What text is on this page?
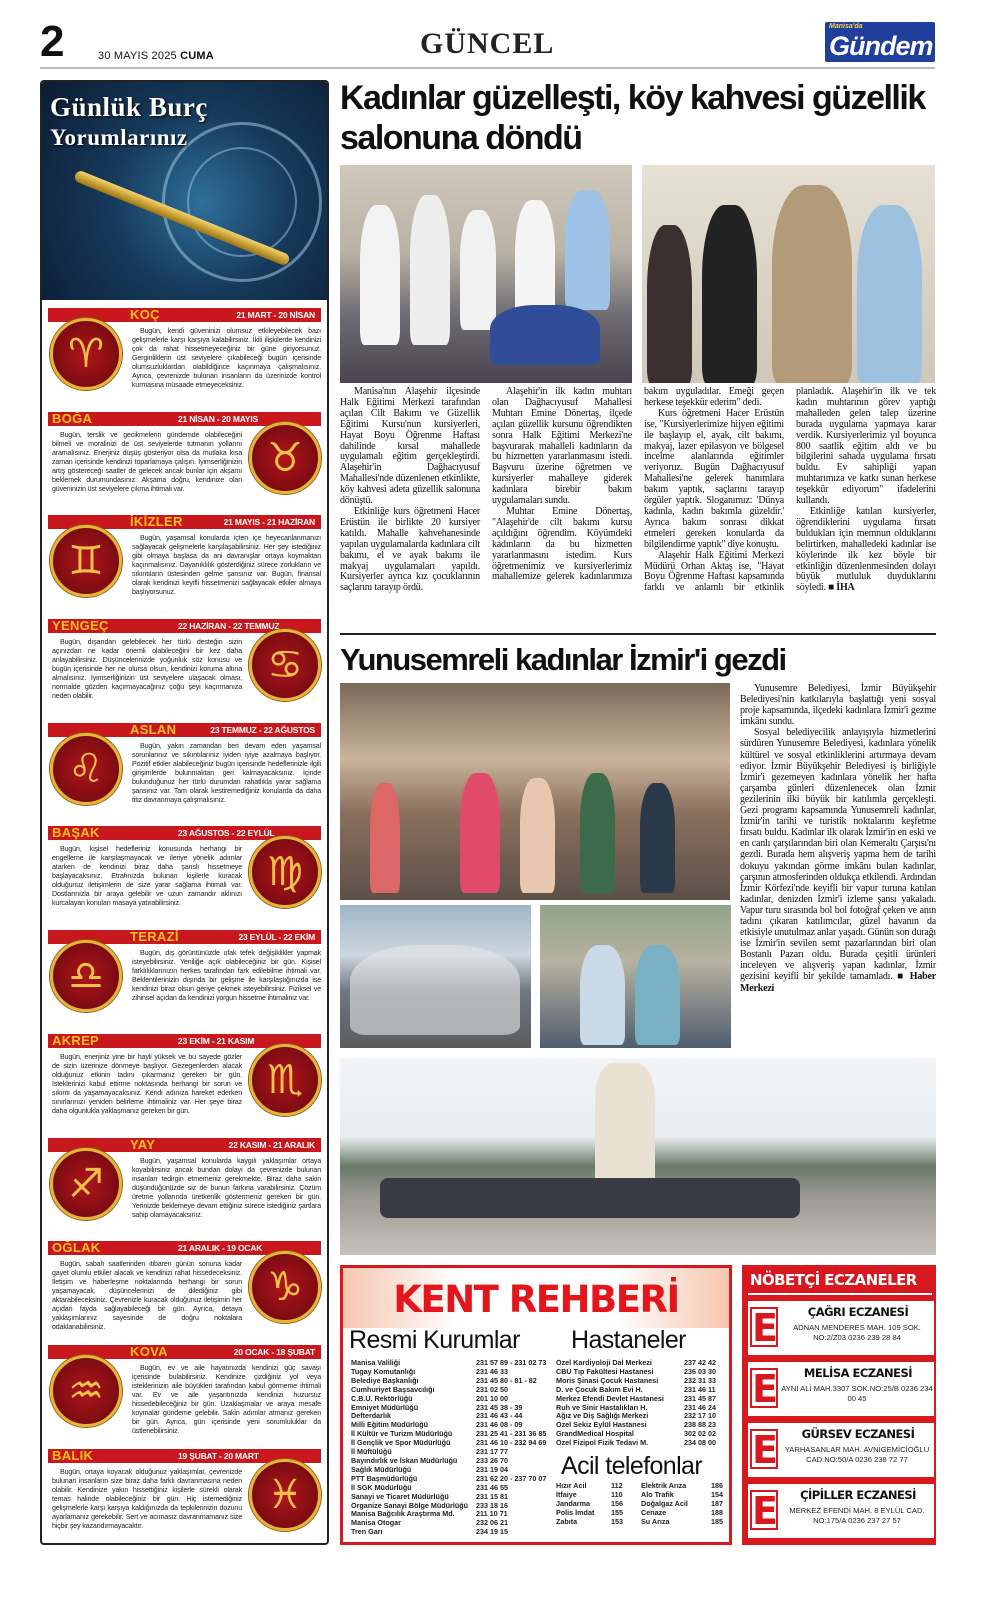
2	30 MAYIS 2025 CUMA	GÜNCEL
Manisa'da
Gündem
Günlük Burç
Yorumlarınız
KOÇ	21 MART - 20 NİSAN
♈	Bugün, kendi güveninizi olumsuz etkileyebilecek bazı gelişmelerle karşı karşıya kalabilirsiniz. İkili ilişkilerde kendinizi çok da rahat hissetmeyeceğiniz bir güne giriyorsunuz. Gerginliklerin üst seviyelere çıkabileceği bugün içerisinde olumsuzluklardan olabildiğince kaçınmaya çalışmalısınız. Ayrıca, çevrenizde bulunan insanların da üzerinizde kontrol kurmasına müsaade etmeyeceksiniz.
BOĞA	21 NİSAN - 20 MAYIS
♉
Bugün, terslik ve gecikmelerin gündemde olabileceğini bilmeli ve moralinizi de üst seviyelerde tutmanın yollarını aramalısınız. Enerjiniz düşüş gösteriyor olsa da mutlaka kısa zaman içerisinde kendinizi toparlamaya çalışın. İyimserliğinizin artış göstereceği saatler de gelecek ancak bunlar için akşamı beklemek durumundasınız. Akşama doğru, kendinize olan güveninizin üst seviyelere çıkma ihtimali var.
İKİZLER	21 MAYIS - 21 HAZİRAN
♊	Bugün, yaşamsal konularda içten içe heyecanlanmanızı sağlayacak gelişmelerle karşılaşabilirsiniz. Her şey istediğiniz gibi olmaya başlasa da ani davranışlar ortaya koymaktan kaçınmalısınız. Dayanıklılık gösterdiğiniz sürece zorlukların ve sıkıntıların üstesinden gelme şansınız var. Bugün, finansal olarak kendinizi keyifli hissetmenizi sağlayacak etkiler almaya başlıyorsunuz.
YENGEÇ	22 HAZİRAN - 22 TEMMUZ
♋
Bugün, dışarıdan gelebilecek her türlü desteğin sizin açınızdan ne kadar önemli olabileceğini bir kez daha anlayabilirsiniz. Düşüncelerinizde yoğunluk söz konusu ve bugün içerisinde her ne olursa olsun, kendinizi koruma altına almalısınız. İyimserliğinizin üst seviyelere ulaşacak olması, normalde gözden kaçırmayacağınız çoğu şeyi kaçırmanıza neden olabilir.
ASLAN	23 TEMMUZ - 22 AĞUSTOS
♌	Bugün, yakın zamandan beri devam eden yaşamsal sorunlarınız ve sıkıntılarınız iyiden iyiye azalmaya başlıyor. Pozitif etkiler alabileceğiniz bugün içerisinde hedeflerinizle ilgili girişimlerde bulunmaktan geri kalmayacaksınız. İçinde bulunduğunuz her türlü durumdan rahatlıkla yarar sağlama şansınız var. Tam olarak kestiremediğiniz konularda da daha titiz davranmaya çalışmalısınız.
BAŞAK	23 AĞUSTOS - 22 EYLÜL
♍
Bugün, kişisel hedefleriniz konusunda herhangi bir engelleme ile karşılaşmayacak ve ileriye yönelik adımlar atarken de kendinizi biraz daha şanslı hissetmeye başlayacaksınız. Etrafınızda bulunan kişilerle kuracak olduğunuz iletişimlerin de size yarar sağlama ihtimali var. Dostlarınızla bir araya gelebilir ve uzun zamandır aklınızı kurcalayan konuları masaya yatırabilirsiniz.
TERAZİ	23 EYLÜL - 22 EKİM
♎	Bugün, dış görüntünüzde ufak tefek değişiklikler yapmak isteyebilirsiniz. Yeniliğe açık olabileceğiniz bir gün. Kişisel farklılıklarınızın herkes tarafından fark edilebilme ihtimali var. Beklentilerinizin dışında bir gelişme ile karşılaştığınızda ise kendinizi biraz olsun geriye çekmek isteyebilirsiniz. Fiziksel ve zihinsel açıdan da kendinizi yorgun hissetme ihtimaliniz var.
AKREP	23 EKİM - 21 KASIM
♏
Bugün, enerjiniz yine bir hayli yüksek ve bu sayede gözler de sizin üzerinize dönmeye başlıyor. Gezegenlerden alacak olduğunuz etkinin tadını çıkarmanız gereken bir gün. İsteklerinizi kabul ettirme noktasında herhangi bir sorun ve sıkıntı da yaşamayacaksınız. Kendi adınıza hareket ederken sınırlarınızı yeniden belirleme ihtimaliniz var. Her şeye biraz daha olgunlukla yaklaşmanız gereken bir gün.
YAY	22 KASIM - 21 ARALIK
♐	Bugün, yaşamsal konularda kaygılı yaklaşımlar ortaya koyabilirsiniz ancak bundan dolayı da çevrenizde bulunan insanları tedirgin etmemeniz gerekmekte. Biraz daha sakin düşündüğünüzde siz de bunun farkına varabilirsiniz. Çözüm üretme yollarında üretkenlik göstermeniz gereken bir gün. Yerinizde beklemeye devam ettiğiniz sürece istediğiniz şartlara sahip olamayacaksınız.
OĞLAK	21 ARALIK - 19 OCAK
♑
Bugün, sabah saatlerinden itibaren günün sonuna kadar gayet olumlu etkiler alacak ve kendinizi rahat hissedeceksiniz. İletişim ve haberleşme noktalarında herhangi bir sorun yaşamayacak, düşüncelerinizi de dilediğiniz gibi aktarabileceksiniz. Çevrenizle kuracak olduğunuz iletişimin her açıdan fayda sağlayabileceği bir gün. Ayrıca, detaya yaklaşımlarınız sayesinde de doğru noktalara odaklanabilirsiniz.
KOVA	20 OCAK - 18 ŞUBAT
♒	Bugün, ev ve aile hayatınızda kendinizi güç savaşı içerisinde bulabilirsiniz. Kendinize çizdiğiniz yol veya isteklerinizin aile büyükleri tarafından kabul görmeme ihtimali var. Ev ve aile yaşantınızda kendinizi huzursuz hissedebileceğiniz bir gün. Uzaklaşmalar ve araya mesafe koymalar gündeme gelebilir. Sakin adımlar atmanız gereken bir gün. Ayrıca, gün içerisinde yeni sorumluluklar da üstlenebilirsiniz.
BALIK	19 ŞUBAT - 20 MART
♓
Bugün, ortaya koyacak olduğunuz yaklaşımlar, çevrenizde bulunan insanların size biraz daha farklı davranmasına neden olabilir. Kendinize yakın hissettiğiniz kişilerle sürekli olarak temas halinde olabileceğiniz bir gün. Hiç istemediğiniz gelişmelerle karşı karşıya kaldığınızda da tepkilerinizin dozunu ayarlamanız gerekebilir. Sert ve acımasız davranmamanız size hiçbir şey kazandırmayacaktır.
Kadınlar güzelleşti, köy kahvesi güzellik salonuna döndü

Manisa'nın Alaşehir ilçesinde Halk Eğitimi Merkezi tarafından açılan Cilt Bakımı ve Güzellik Eğitimi Kursu'nun kursiyerleri, Hayat Boyu Öğrenme Haftası dahilinde kırsal mahallede uygulamalı eğitim gerçekleştirdi. Alaşehir'in Dağhacıyusuf Mahallesi'nde düzenlenen etkinlikte, köy kahvesi adeta güzellik salonuna dönüştü.

Etkinliğe kurs öğretmeni Hacer Erüstün ile birlikte 20 kursiyer katıldı. Mahalle kahvehanesinde yapılan uygulamalarda kadınlara cilt bakımı, el ve ayak bakımı ile makyaj uygulamaları yapıldı. Kursiyerler ayrıca kız çocuklarının saçlarını tarayıp ördü.

Alaşehir'in ilk kadın muhtarı olan Dağhacıyusuf Mahallesi Muhtarı Emine Dönertaş, ilçede açılan güzellik kursunu öğrendikten sonra Halk Eğitimi Merkezi'ne başvurarak mahalleli kadınların da bu hizmetten yararlanmasını istedi. Başvuru üzerine öğretmen ve kursiyerler mahalleye giderek kadınlara birebir bakım uygulamaları sundu.

Muhtar Emine Dönertaş, "Alaşehir'de cilt bakımı kursu açıldığını öğrendim. Köyümdeki kadınların da bu hizmetten yararlanmasını istedim. Kurs öğretmenimiz ve kursiyerlerimiz mahallemize gelerek kadınlarımıza bakım uyguladılar. Emeği geçen herkese teşekkür ederim" dedi.

Kurs öğretmeni Hacer Erüstün ise, "Kursiyerlerimize hijyen eğitimi ile başlayıp el, ayak, cilt bakımı, makyaj, lazer epilasyon ve bölgesel incelme alanlarında eğitimler veriyoruz. Bugün Dağhacıyusuf Mahallesi'ne gelerek hanımlara bakım yaptık, saçlarını tarayıp örgüler yaptık. Sloganımız: 'Dünya kadınla, kadın bakımla güzeldir.' Ayrıca bakım sonrası dikkat etmeleri gereken konularda da bilgilendirme yaptık" diye konuştu.

Alaşehir Halk Eğitimi Merkezi Müdürü Orhan Aktaş ise, "Hayat Boyu Öğrenme Haftası kapsamında farklı ve anlamlı bir etkinlik planladık. Alaşehir'in ilk ve tek kadın muhtarının görev yaptığı mahalleden gelen talep üzerine burada uygulama yapmaya karar verdik. Kursiyerlerimiz yıl boyunca 800 saatlik eğitim aldı ve bu bilgilerini sahada uygulama fırsatı buldu. Ev sahipliği yapan muhtarımıza ve katkı sunan herkese teşekkür ediyorum" ifadelerini kullandı.

Etkinliğe katılan kursiyerler, öğrendiklerini uygulama fırsatı buldukları için memnun olduklarını belirtirken, mahalledeki kadınlar ise köylerinde ilk kez böyle bir etkinliğin düzenlenmesinden dolayı büyük mutluluk duyduklarını söyledi. ■ İHA

Yunusemreli kadınlar İzmir'i gezdi

Yunusemre Belediyesi, İzmir Büyükşehir Belediyesi'nin katkılarıyla başlattığı yeni sosyal proje kapsamında, ilçedeki kadınlara İzmir'i gezme imkânı sundu.

Sosyal belediyecilik anlayışıyla hizmetlerini sürdüren Yunusemre Belediyesi, kadınlara yönelik kültürel ve sosyal etkinliklerini artırmaya devam ediyor. İzmir Büyükşehir Belediyesi iş birliğiyle İzmir'i gezemeyen kadınlara yönelik her hafta çarşamba günleri düzenlenecek olan İzmir gezilerinin ilki büyük bir katılımla gerçekleşti. Gezi programı kapsamında Yunusemreli kadınlar, İzmir'in tarihi ve turistik noktalarını keşfetme fırsatı buldu. Kadınlar ilk olarak İzmir'in en eski ve en canlı çarşılarından biri olan Kemeraltı Çarşısı'nı gezdi. Burada hem alışveriş yapma hem de tarihi dokuyu yakından görme imkânı bulan kadınlar, çarşının atmosferinden oldukça etkilendi. Ardından İzmir Körfezi'nde keyifli bir vapur turuna katılan kadınlar, denizden İzmir'i izleme şansı yakaladı. Vapur turu sırasında bol bol fotoğraf çeken ve anın tadını çıkaran katılımcılar, güzel havanın da etkisiyle unutulmaz anlar yaşadı. Günün son durağı ise İzmir'in sevilen semt pazarlarından biri olan Bostanlı Pazarı oldu. Burada çeşitli ürünleri inceleyen ve alışveriş yapan kadınlar, İzmir gezisini keyifli bir şekilde tamamladı. ■ Haber Merkezi

KENT REHBERİ
Resmi Kurumlar Hastaneler
Acil telefonlar
Manisa Valiliği	231 57 89 - 231 02 73
Tugay Komutanlığı	231 46 33
Belediye Başkanlığı	231 45 80 - 81 - 82
Cumhuriyet Başsavcılığı	231 02 50
C.B.Ü. Rektörlüğü	201 10 00
Emniyet Müdürlüğü	231 45 38 - 39
Defterdarlık	231 46 43 - 44
Milli Eğitim Müdürlüğü	231 46 08 - 09
İl Kültür ve Turizm Müdürlüğü	231 25 41 - 231 36 85
İl Gençlik ve Spor Müdürlüğü	231 46 10 - 232 94 69
İl Müftülüğü	231 17 77
Bayındırlık ve İskan Müdürlüğü	233 26 70
Sağlık Müdürlüğü	231 19 04
PTT Başmüdürlüğü	231 62 20 - 237 70 07
İl SGK Müdürlüğü	231 46 55
Sanayi ve Ticaret Müdürlüğü	231 15 81
Organize Sanayi Bölge Müdürlüğü	233 18 16
Manisa Bağcılık Araştırma Md.	211 10 71
Manisa Otogar	232 06 21
Tren Garı	234 19 15
Özel Kardiyoloji Dal Merkezi	237 42 42
CBÜ Tıp Fakültesi Hastanesi	236 03 30
Moris Şinasi Çocuk Hastanesi	232 31 33
D. ve Çocuk Bakım Evi H.	231 46 11
Merkez Efendi Devlet Hastanesi	231 45 87
Ruh ve Sinir Hastalıkları H.	231 46 24
Ağız ve Diş Sağlığı Merkezi	232 17 10
Özel Sekiz Eylül Hastanesi	238 88 23
GrandMedical Hospital	302 02 02
Özel Fizipol Fizik Tedavi M.	234 08 00
Hızır Acil	112	Elektrik Arıza	186
İtfaiye	110	Alo Trafik	154
Jandarma	156	Doğalgaz Acil	187
Polis İmdat	155	Cenaze	188
Zabıta	153	Su Arıza	185
NÖBETÇİ ECZANELER
E	ÇAĞRI ECZANESİ
ADNAN MENDERES MAH. 109 SOK. NO:2/Z03 0236 239 28 84
E	MELİSA ECZANESİ
AYNI ALİ MAH.3307 SOK.NO:25/B 0236 234 00 45
E	GÜRSEV ECZANESİ
YARHASANLAR MAH. AVNİGEMİCİOĞLU CAD.NO:50/A 0236 238 72 77
E	ÇİPİLLER ECZANESİ
MERKEZ EFENDİ MAH. 8 EYLÜL CAD. NO:175/A 0236 237 27 57
